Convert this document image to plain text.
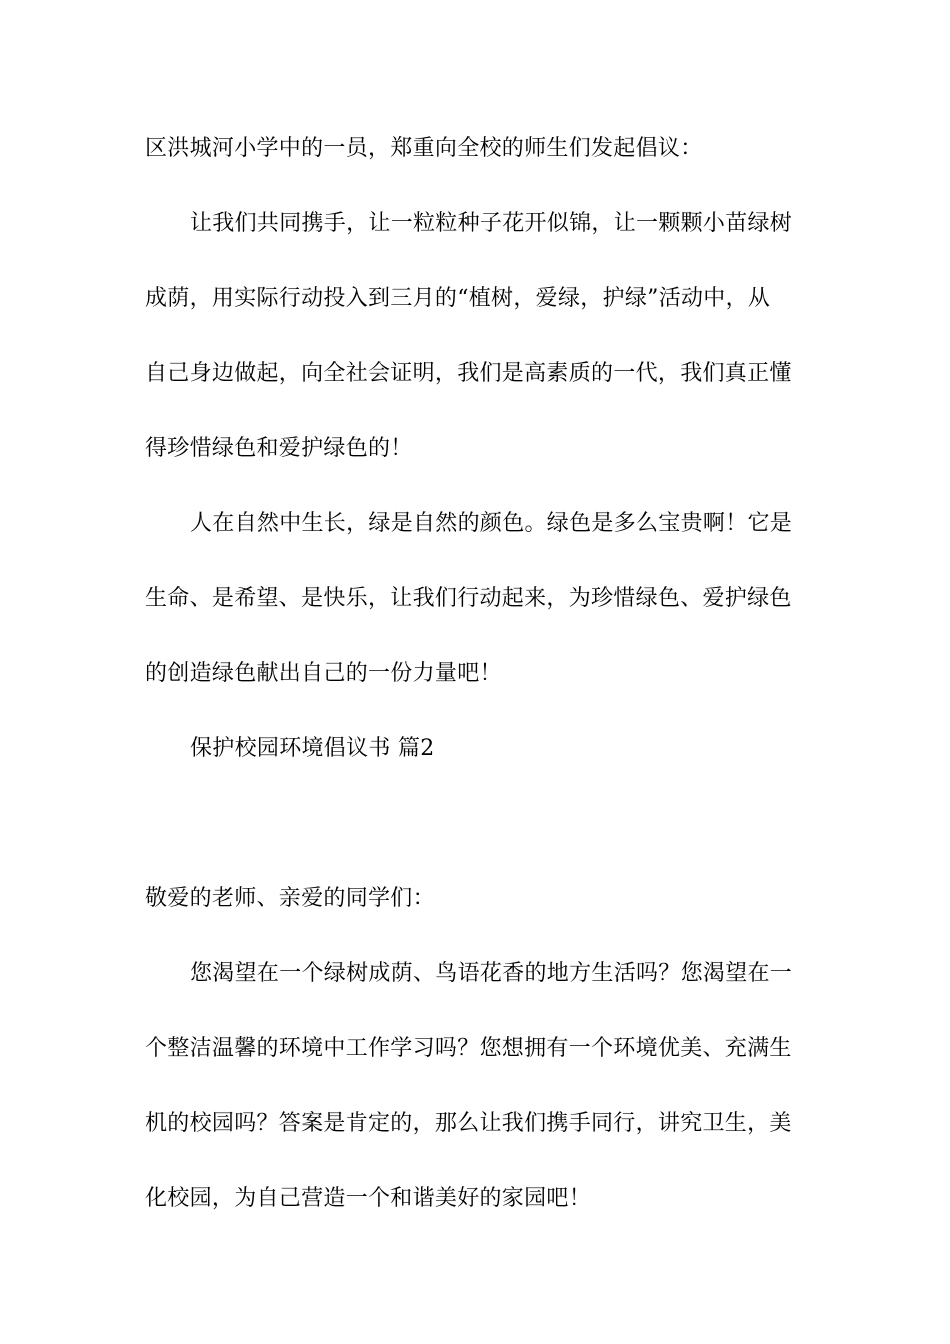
区洪城河小学中的一员，郑重向全校的师生们发起倡议：
让我们共同携手，让一粒粒种子花开似锦，让一颗颗小苗绿树
成荫，用实际行动投入到三月的“植树，爱绿，护绿”活动中，从
自己身边做起，向全社会证明，我们是高素质的一代，我们真正懂
得珍惜绿色和爱护绿色的！
人在自然中生长，绿是自然的颜色。绿色是多么宝贵啊！它是
生命、是希望、是快乐，让我们行动起来，为珍惜绿色、爱护绿色
的创造绿色献出自己的一份力量吧！
保护校园环境倡议书 篇2
敬爱的老师、亲爱的同学们：
您渴望在一个绿树成荫、鸟语花香的地方生活吗？您渴望在一
个整洁温馨的环境中工作学习吗？您想拥有一个环境优美、充满生
机的校园吗？答案是肯定的，那么让我们携手同行，讲究卫生，美
化校园，为自己营造一个和谐美好的家园吧！
